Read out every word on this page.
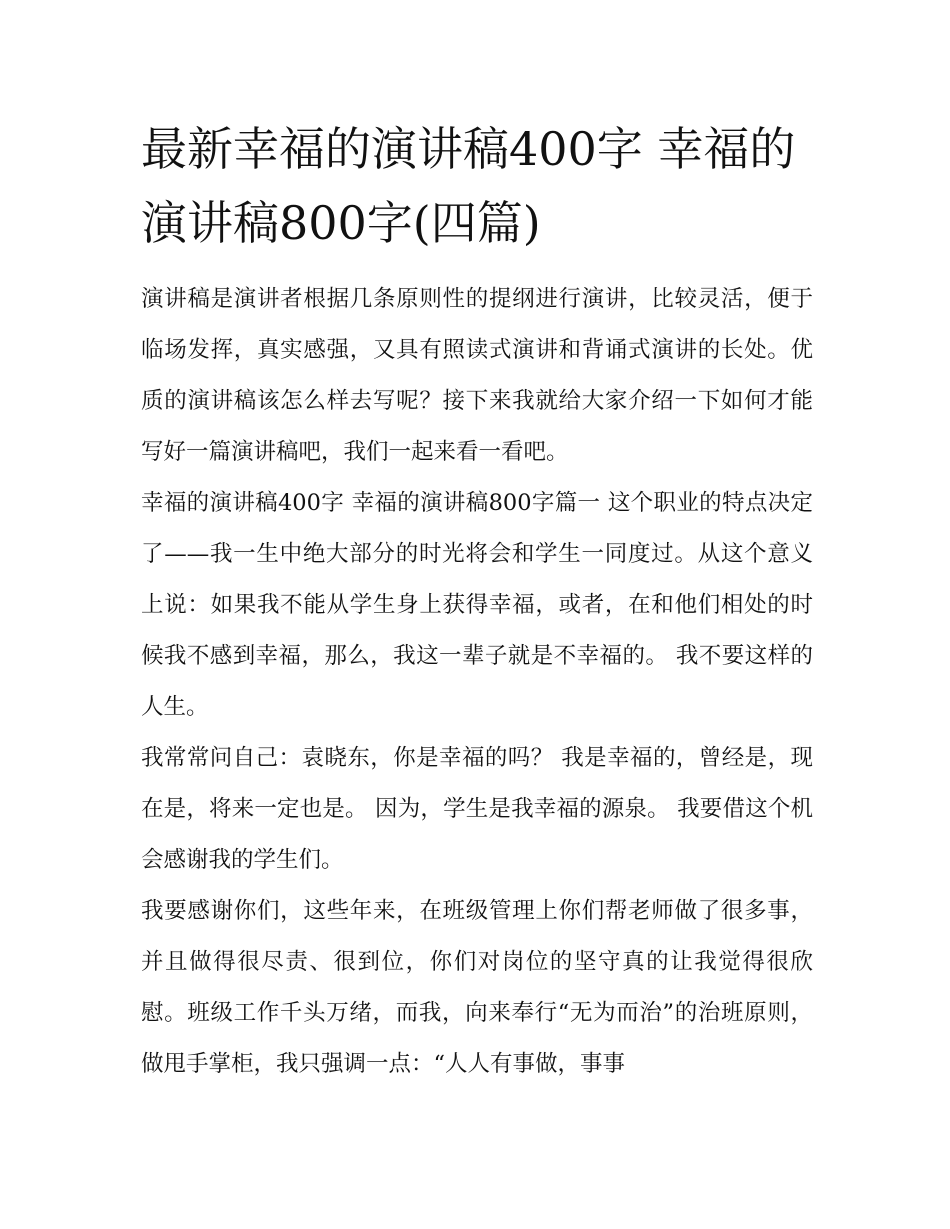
最新幸福的演讲稿400字 幸福的演讲稿800字(四篇)

演讲稿是演讲者根据几条原则性的提纲进行演讲，比较灵活，便于临场发挥，真实感强，又具有照读式演讲和背诵式演讲的长处。优质的演讲稿该怎么样去写呢？接下来我就给大家介绍一下如何才能写好一篇演讲稿吧，我们一起来看一看吧。

幸福的演讲稿400字 幸福的演讲稿800字篇一 这个职业的特点决定了——我一生中绝大部分的时光将会和学生一同度过。从这个意义上说：如果我不能从学生身上获得幸福，或者，在和他们相处的时候我不感到幸福，那么，我这一辈子就是不幸福的。 我不要这样的人生。

我常常问自己：袁晓东，你是幸福的吗？ 我是幸福的，曾经是，现在是，将来一定也是。 因为，学生是我幸福的源泉。 我要借这个机会感谢我的学生们。

我要感谢你们，这些年来，在班级管理上你们帮老师做了很多事，并且做得很尽责、很到位，你们对岗位的坚守真的让我觉得很欣慰。班级工作千头万绪，而我，向来奉行“无为而治”的治班原则，做甩手掌柜，我只强调一点：“人人有事做，事事
